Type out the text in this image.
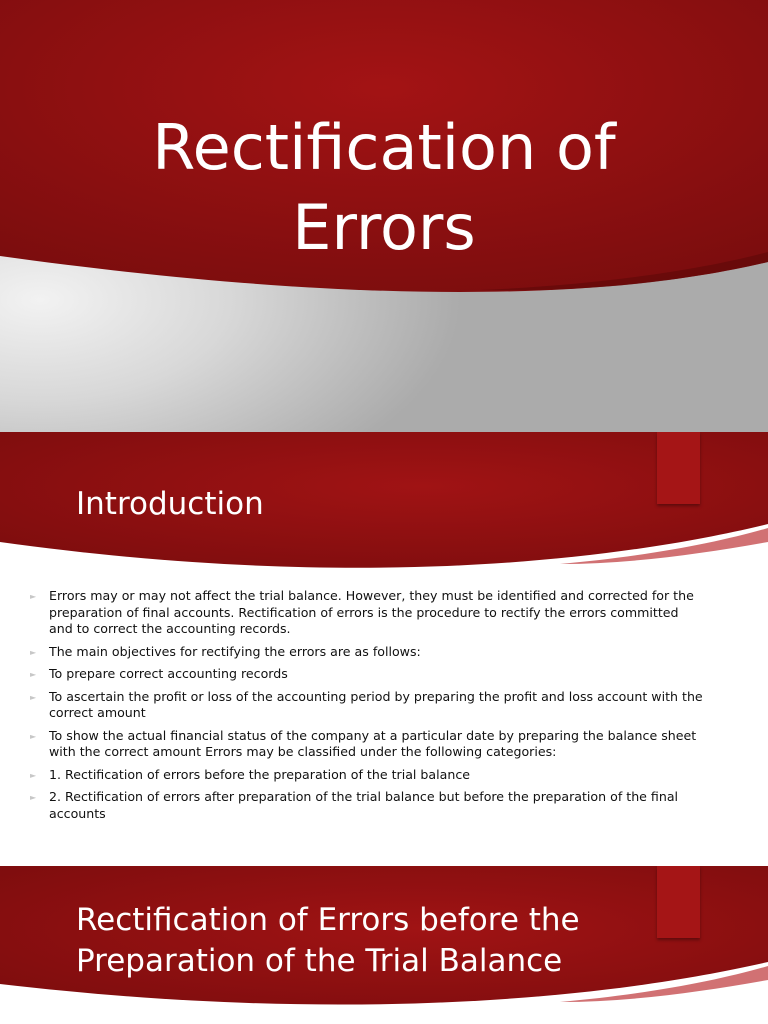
Rectification of
Errors
Introduction
► Errors may or may not affect the trial balance. However, they must be identified and corrected for the preparation of final accounts. Rectification of errors is the procedure to rectify the errors committed and to correct the accounting records.
► The main objectives for rectifying the errors are as follows:
► To prepare correct accounting records
► To ascertain the profit or loss of the accounting period by preparing the profit and loss account with the correct amount
► To show the actual financial status of the company at a particular date by preparing the balance sheet with the correct amount Errors may be classified under the following categories:
► 1. Rectification of errors before the preparation of the trial balance
► 2. Rectification of errors after preparation of the trial balance but before the preparation of the final accounts
Rectification of Errors before the Preparation of the Trial Balance
